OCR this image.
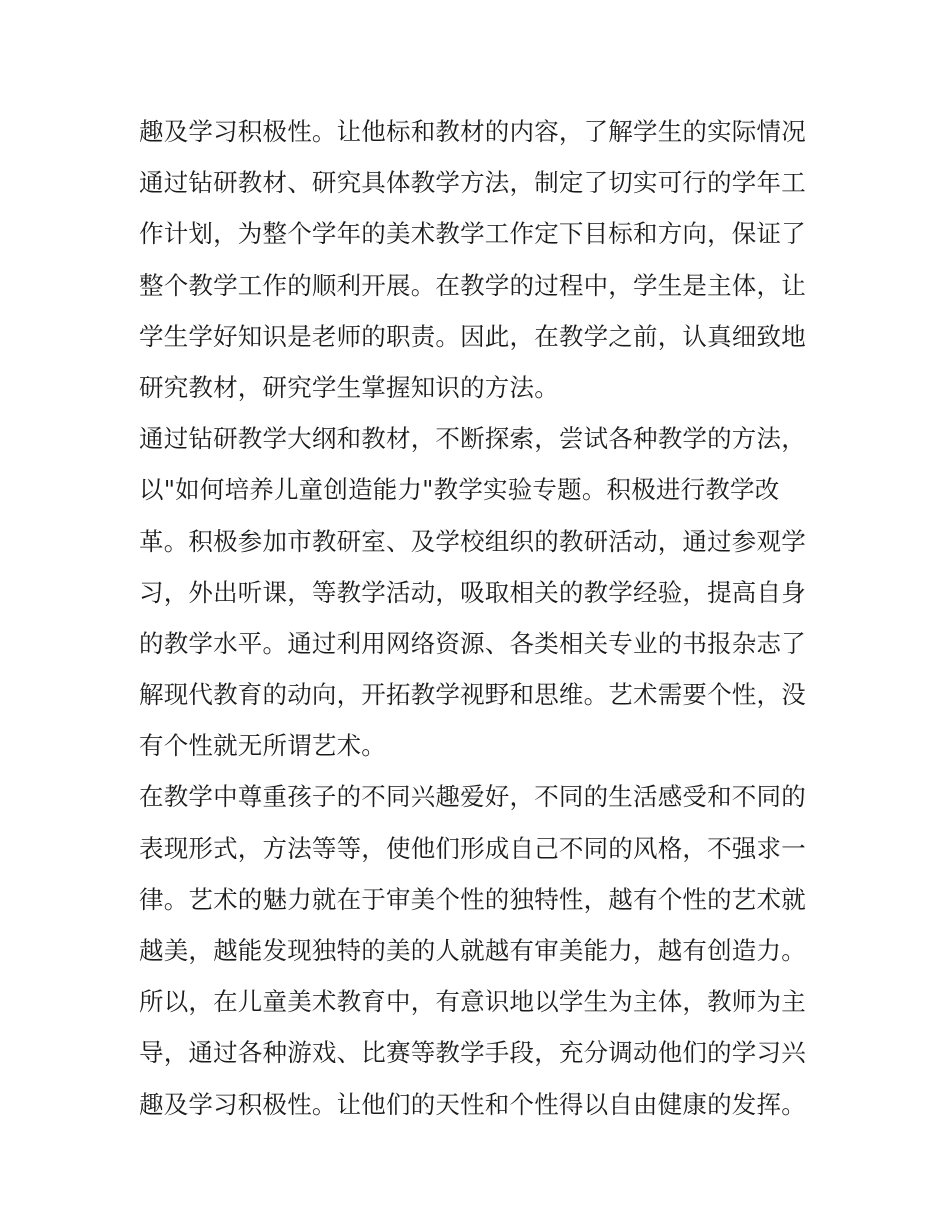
趣及学习积极性。让他标和教材的内容，了解学生的实际情况
通过钻研教材、研究具体教学方法，制定了切实可行的学年工
作计划，为整个学年的美术教学工作定下目标和方向，保证了
整个教学工作的顺利开展。在教学的过程中，学生是主体，让
学生学好知识是老师的职责。因此，在教学之前，认真细致地
研究教材，研究学生掌握知识的方法。
通过钻研教学大纲和教材，不断探索，尝试各种教学的方法，
以"如何培养儿童创造能力"教学实验专题。积极进行教学改
革。积极参加市教研室、及学校组织的教研活动，通过参观学
习，外出听课，等教学活动，吸取相关的教学经验，提高自身
的教学水平。通过利用网络资源、各类相关专业的书报杂志了
解现代教育的动向，开拓教学视野和思维。艺术需要个性，没
有个性就无所谓艺术。
在教学中尊重孩子的不同兴趣爱好，不同的生活感受和不同的
表现形式，方法等等，使他们形成自己不同的风格，不强求一
律。艺术的魅力就在于审美个性的独特性，越有个性的艺术就
越美，越能发现独特的美的人就越有审美能力，越有创造力。
所以，在儿童美术教育中，有意识地以学生为主体，教师为主
导，通过各种游戏、比赛等教学手段，充分调动他们的学习兴
趣及学习积极性。让他们的天性和个性得以自由健康的发挥。
